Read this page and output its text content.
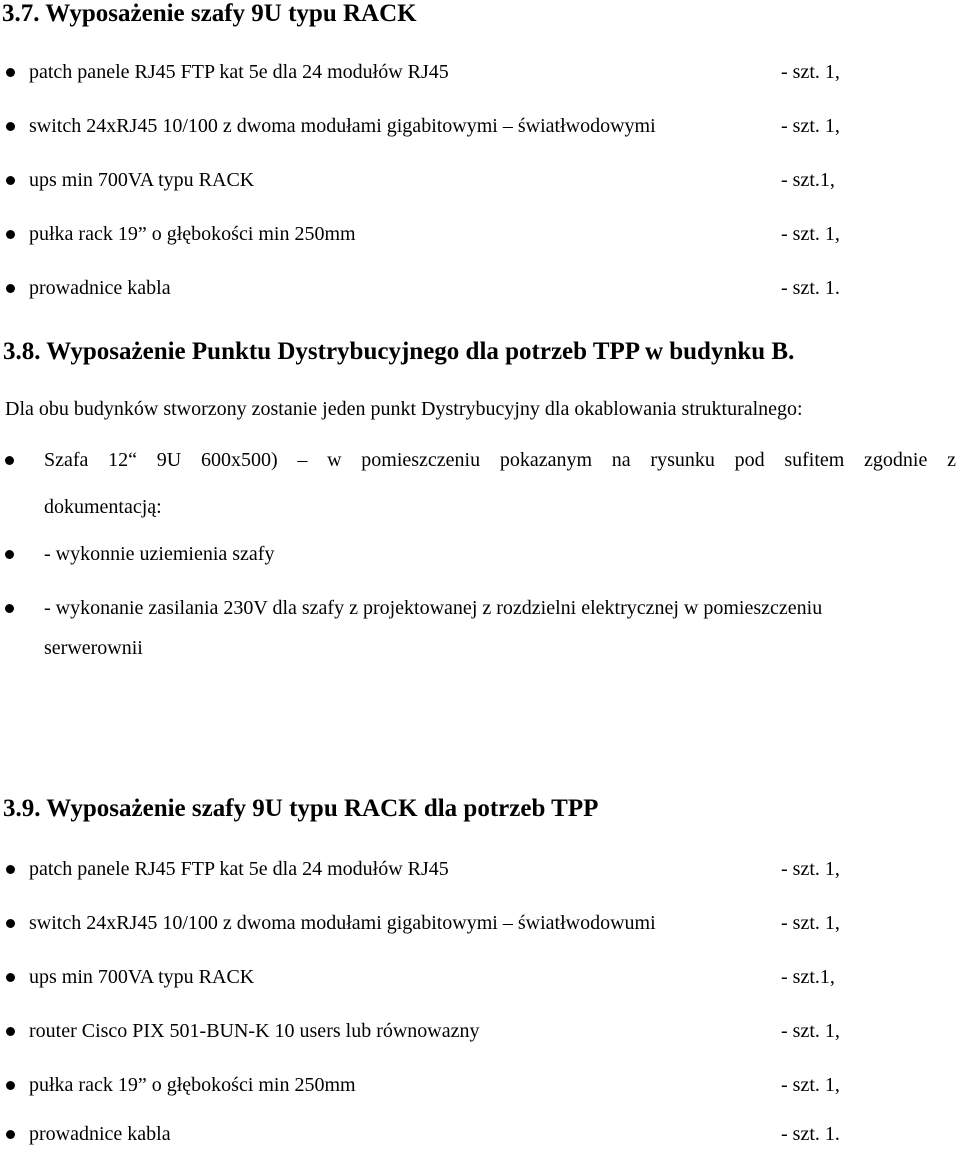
3.7. Wyposażenie szafy 9U typu RACK
patch panele RJ45 FTP kat 5e dla 24 modułów RJ45	- szt. 1,
switch 24xRJ45 10/100 z dwoma modułami gigabitowymi – światłwodowymi	- szt. 1,
ups min 700VA typu RACK	- szt.1,
pułka rack 19” o głębokości min 250mm	- szt. 1,
prowadnice kabla	- szt. 1.
3.8. Wyposażenie Punktu Dystrybucyjnego dla potrzeb TPP w budynku B.
Dla obu budynków stworzony zostanie jeden punkt Dystrybucyjny dla okablowania strukturalnego:
Szafa 12“ 9U 600x500) – w pomieszczeniu pokazanym na rysunku pod sufitem zgodnie z
dokumentacją:
- wykonnie uziemienia szafy
- wykonanie zasilania 230V dla szafy z projektowanej z rozdzielni elektrycznej w pomieszczeniu
serwerownii
3.9. Wyposażenie szafy 9U typu RACK dla potrzeb TPP
patch panele RJ45 FTP kat 5e dla 24 modułów RJ45	- szt. 1,
switch 24xRJ45 10/100 z dwoma modułami gigabitowymi – światłwodowumi	- szt. 1,
ups min 700VA typu RACK	- szt.1,
router Cisco PIX 501-BUN-K 10 users lub równowazny	- szt. 1,
pułka rack 19” o głębokości min 250mm	- szt. 1,
prowadnice kabla	- szt. 1.
